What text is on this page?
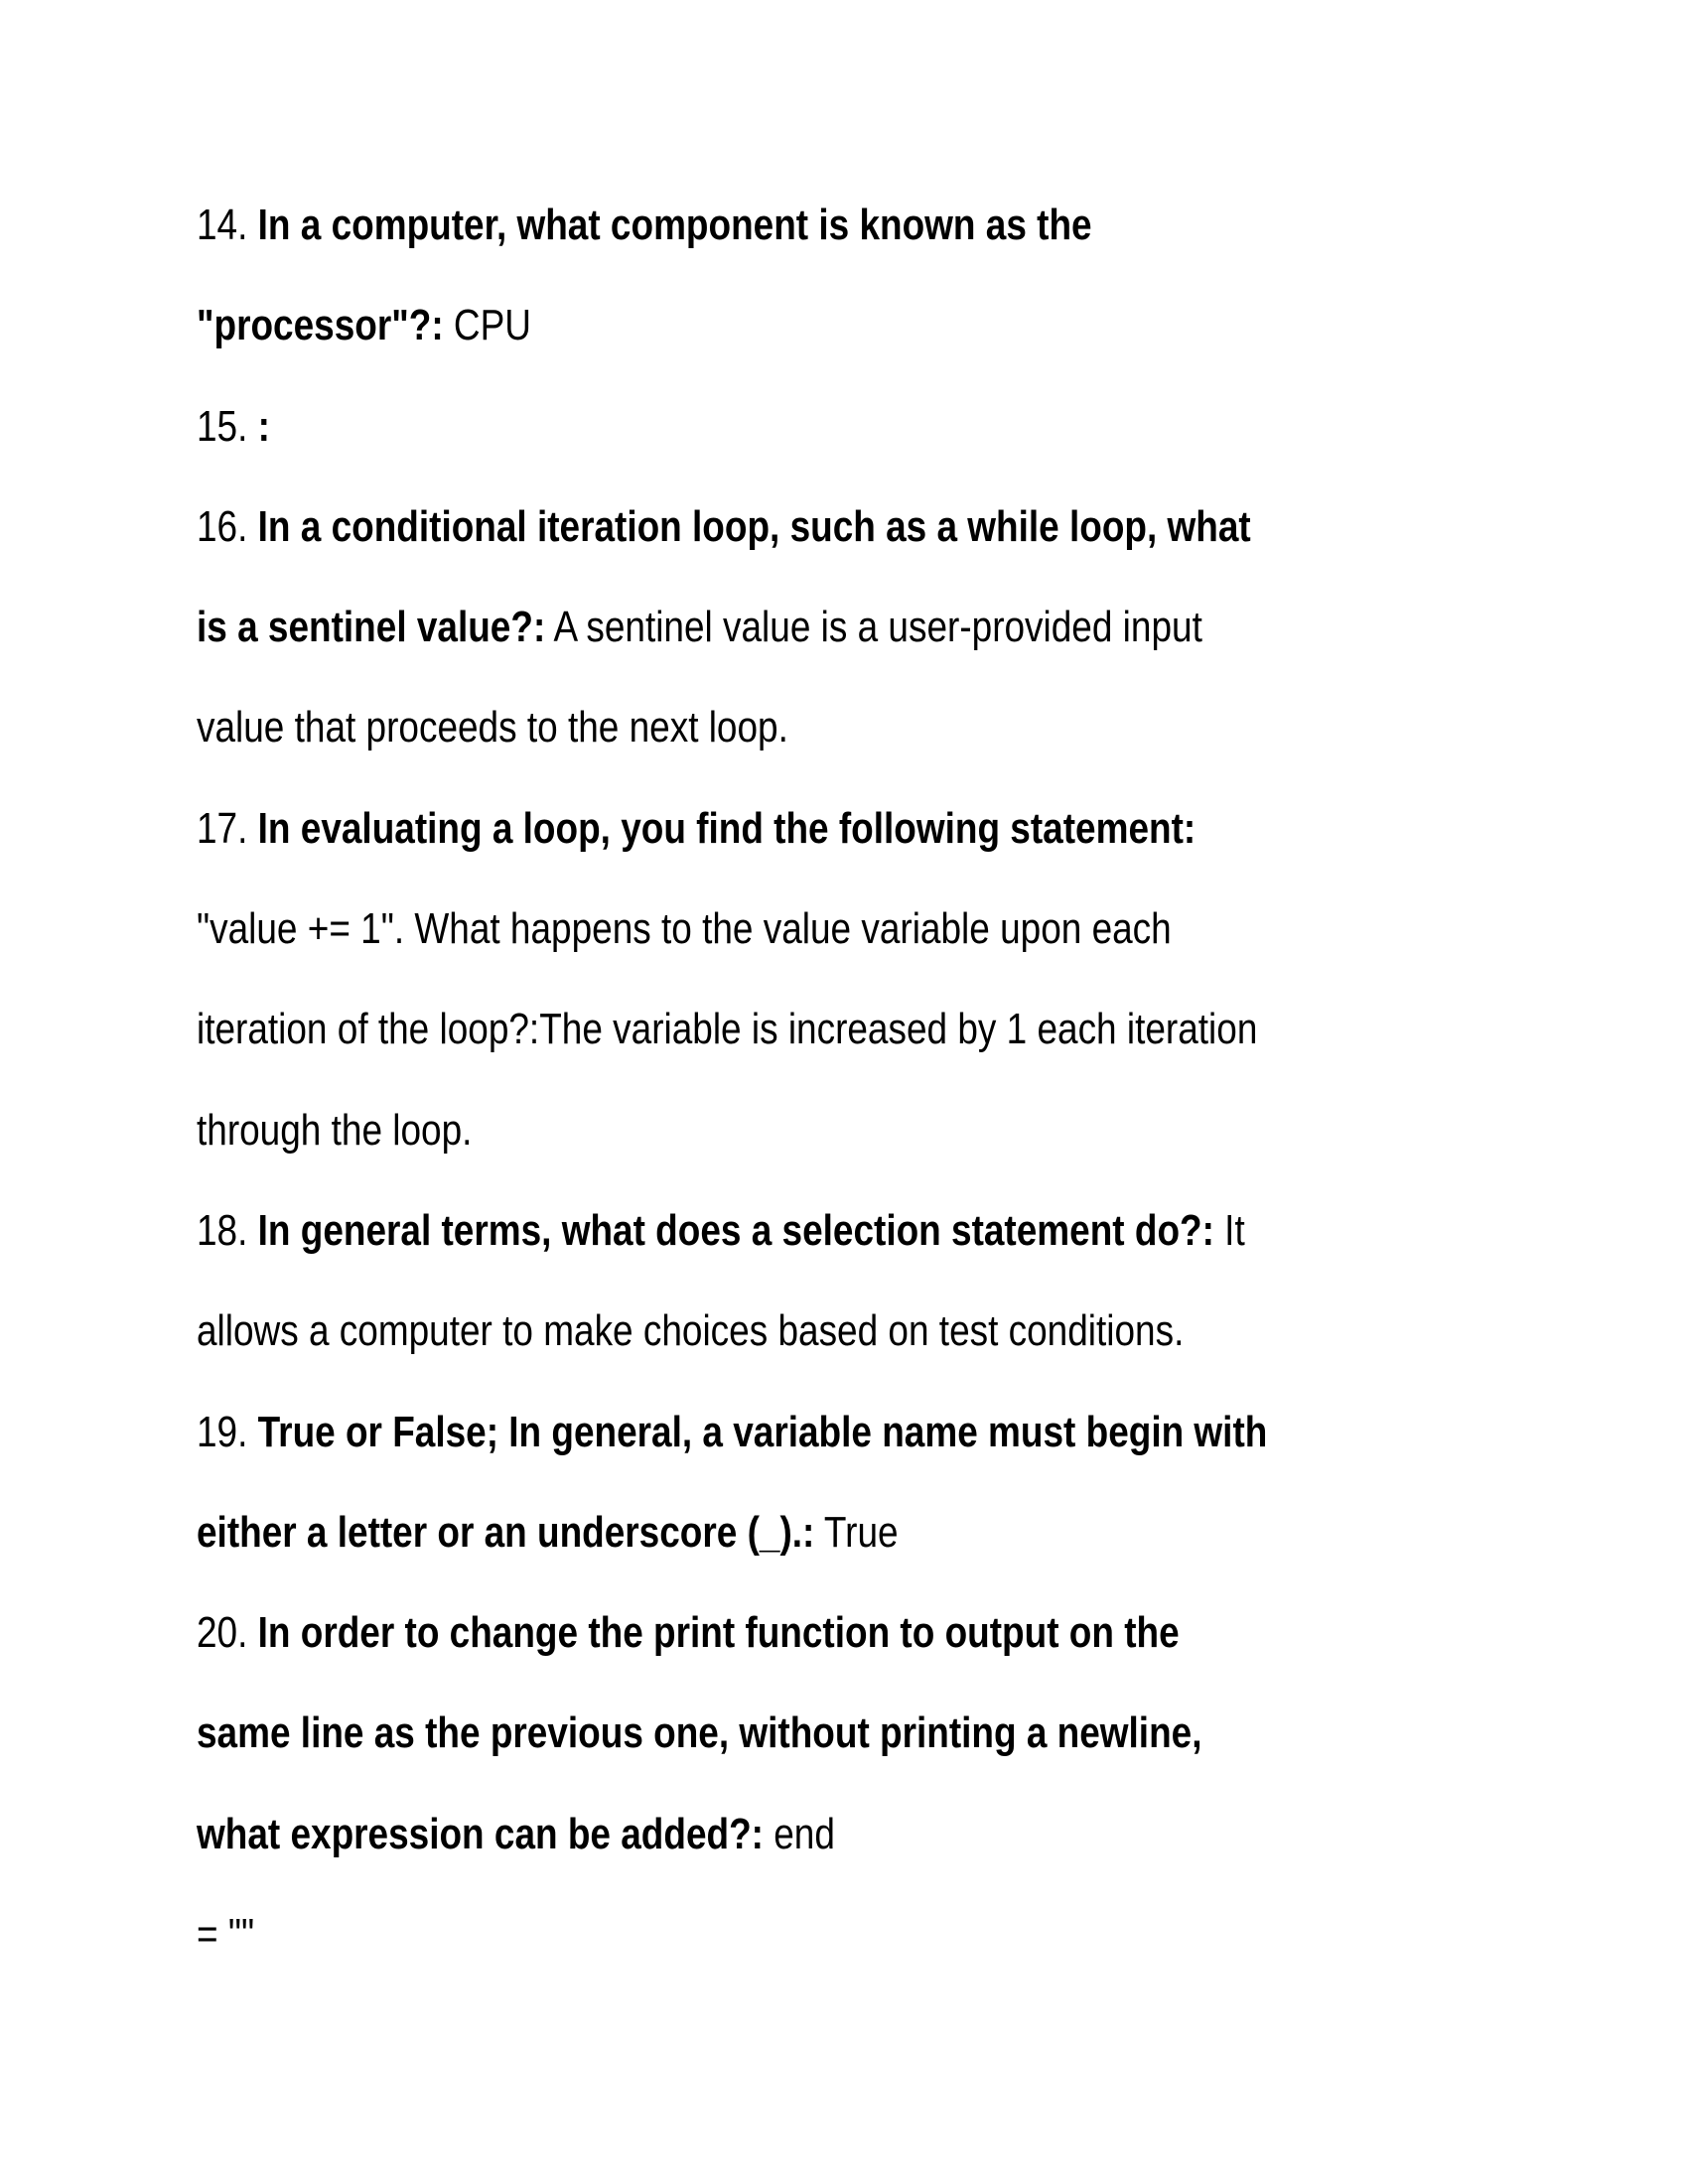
14. In a computer, what component is known as the
"processor"?: CPU
15. :
16. In a conditional iteration loop, such as a while loop, what
is a sentinel value?: A sentinel value is a user-provided input
value that proceeds to the next loop.
17. In evaluating a loop, you find the following statement:
"value += 1". What happens to the value variable upon each
iteration of the loop?:The variable is increased by 1 each iteration
through the loop.
18. In general terms, what does a selection statement do?: It
allows a computer to make choices based on test conditions.
19. True or False; In general, a variable name must begin with
either a letter or an underscore (_).: True
20. In order to change the print function to output on the
same line as the previous one, without printing a newline,
what expression can be added?: end
= ""
